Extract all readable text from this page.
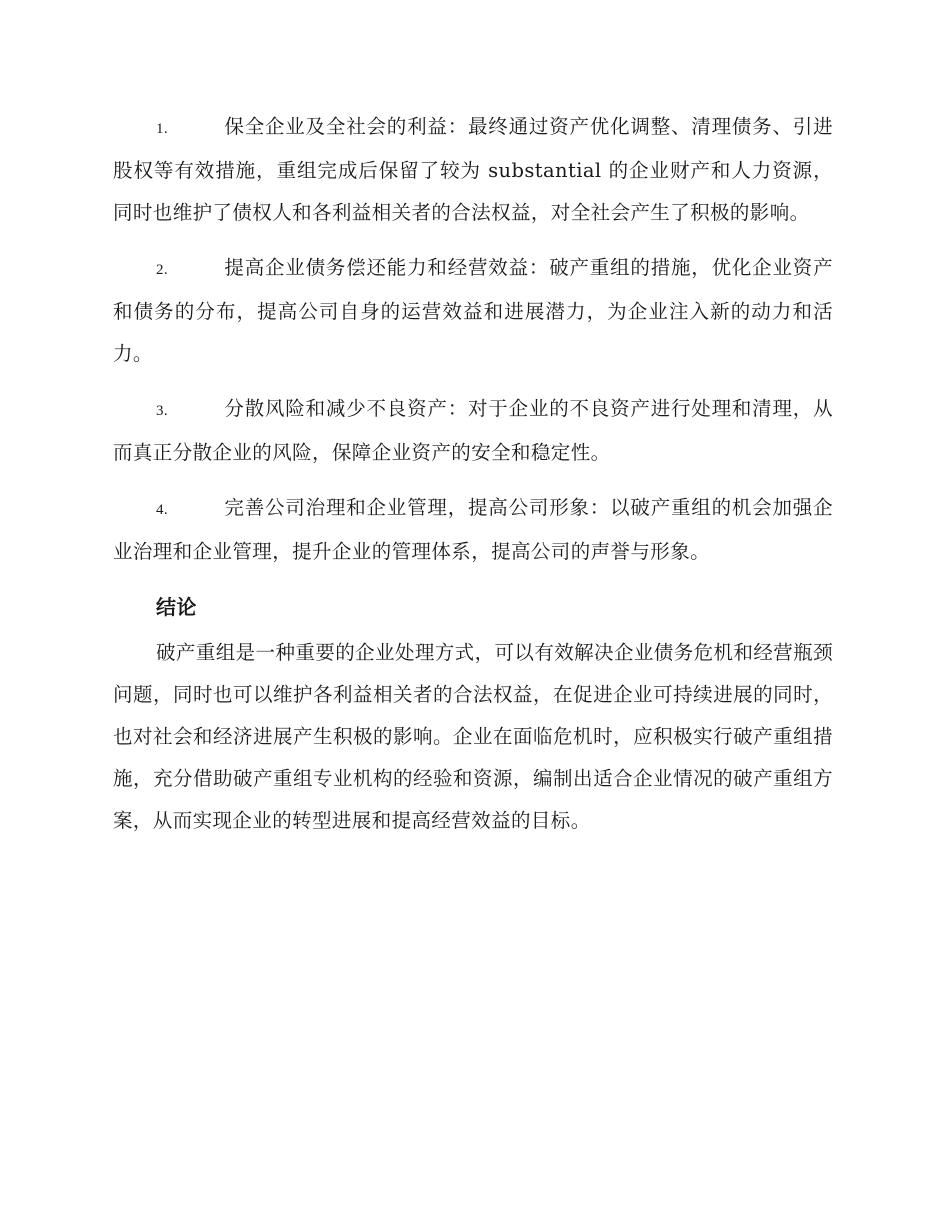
1.	保全企业及全社会的利益：最终通过资产优化调整、清理债务、引进股权等有效措施，重组完成后保留了较为 substantial 的企业财产和人力资源，同时也维护了债权人和各利益相关者的合法权益，对全社会产生了积极的影响。
2.	提高企业债务偿还能力和经营效益：破产重组的措施，优化企业资产和债务的分布，提高公司自身的运营效益和进展潜力，为企业注入新的动力和活力。
3.	分散风险和减少不良资产：对于企业的不良资产进行处理和清理，从而真正分散企业的风险，保障企业资产的安全和稳定性。
4.	完善公司治理和企业管理，提高公司形象：以破产重组的机会加强企业治理和企业管理，提升企业的管理体系，提高公司的声誉与形象。
结论

破产重组是一种重要的企业处理方式，可以有效解决企业债务危机和经营瓶颈问题，同时也可以维护各利益相关者的合法权益，在促进企业可持续进展的同时，也对社会和经济进展产生积极的影响。企业在面临危机时，应积极实行破产重组措施，充分借助破产重组专业机构的经验和资源，编制出适合企业情况的破产重组方案，从而实现企业的转型进展和提高经营效益的目标。
